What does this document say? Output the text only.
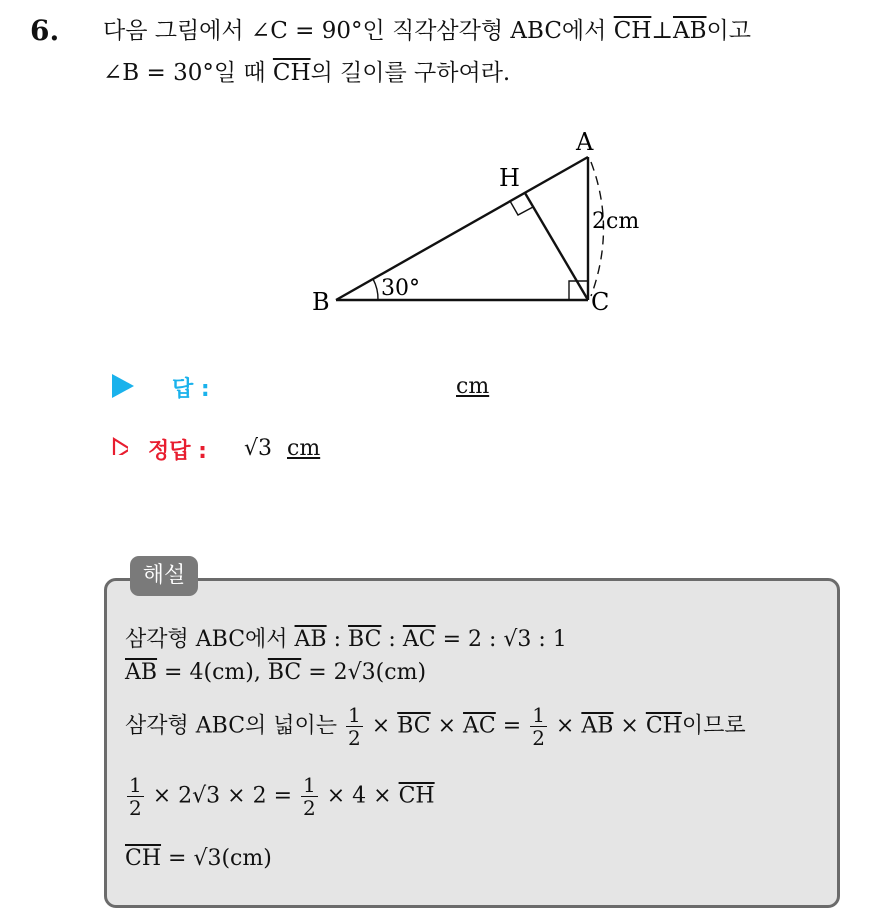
6. 다음 그림에서 ∠C = 90°인 직각삼각형 ABC에서 $\overline{CH}\perp\overline{AB}$이고
∠B = 30°일 때 $\overline{CH}$의 길이를 구하여라.
A
B	C
H
30°
2cm
답 :	cm
정답 : √3 cm
해설
삼각형 ABC에서 $\overline{AB}$ : $\overline{BC}$ : $\overline{AC} = 2$ : √3 : 1
$\overline{AB} = 4(cm)$, $\overline{BC} = 2√3(cm)$
삼각형 ABC의 넓이는 $\frac{1}{2} \times \overline{BC} \times \overline{AC} = \frac{1}{2} \times \overline{AB} \times \overline{CH}$이므로
$\frac{1}{2} \times 2√3 \times 2 = \frac{1}{2} \times 4 \times \overline{CH}$
$\overline{CH} = √3(cm)$
